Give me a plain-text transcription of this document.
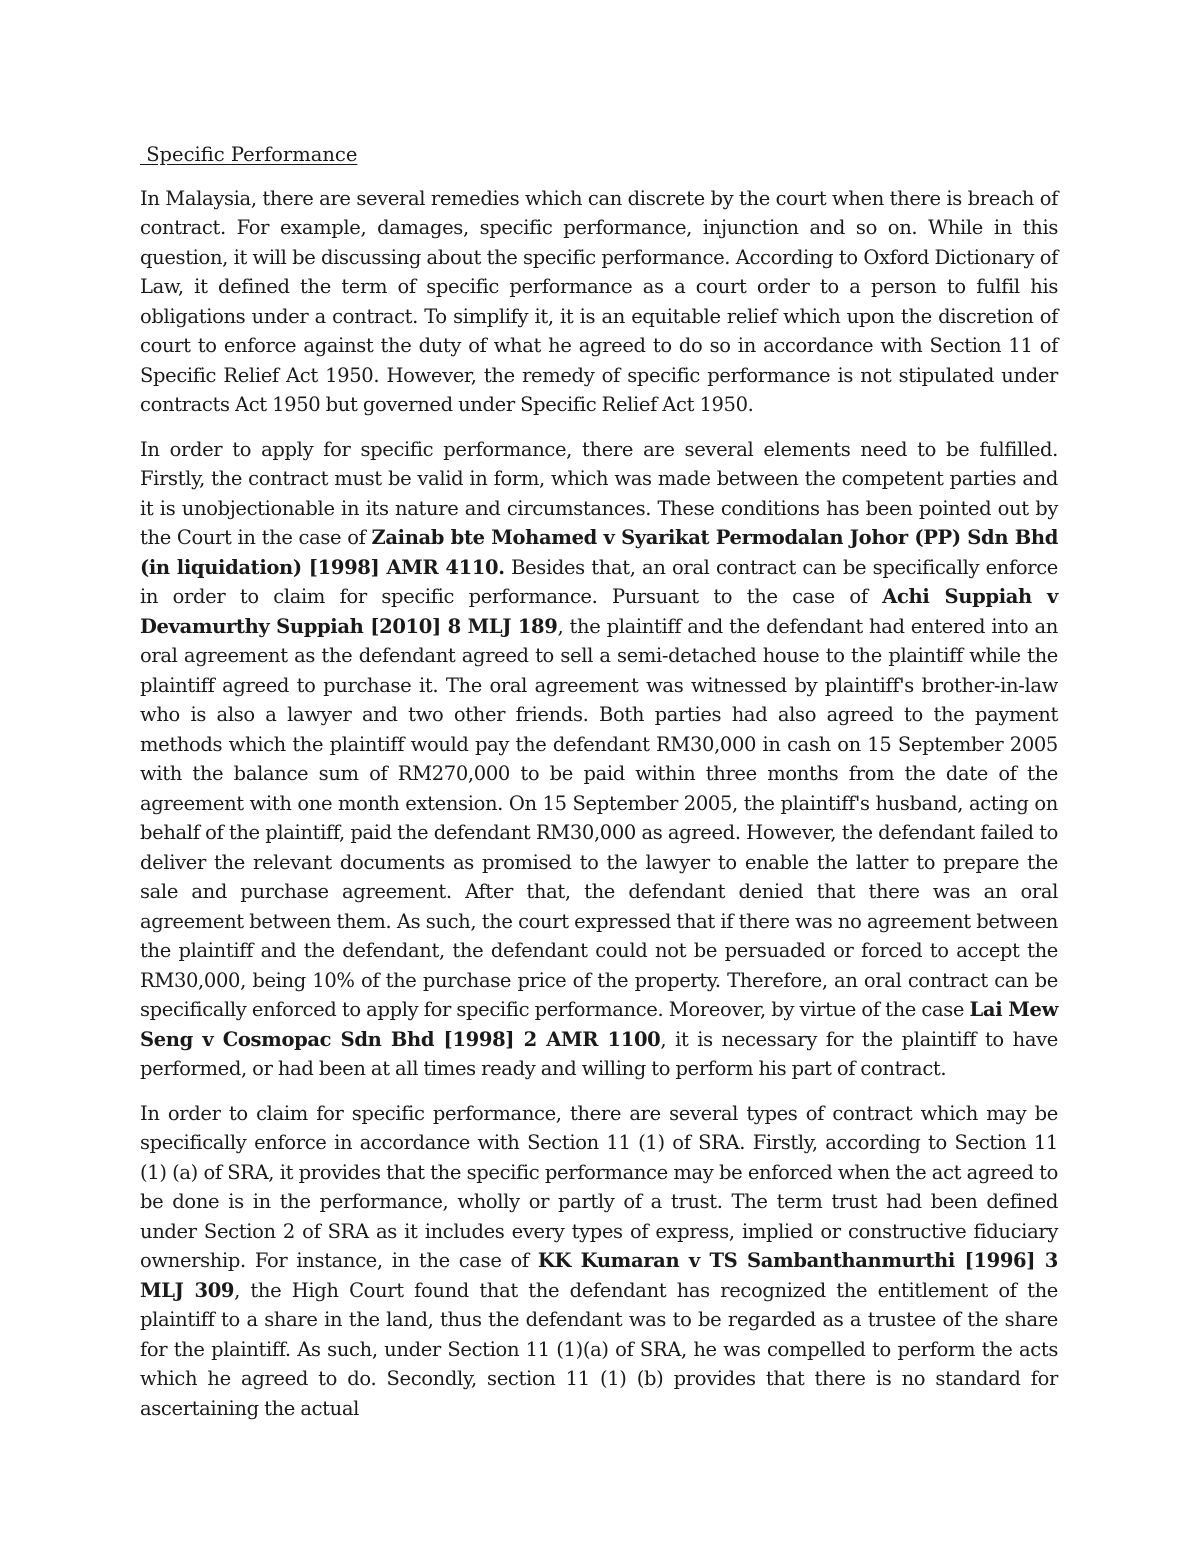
Specific Performance

In Malaysia, there are several remedies which can discrete by the court when there is breach of contract. For example, damages, specific performance, injunction and so on. While in this question, it will be discussing about the specific performance. According to Oxford Dictionary of Law, it defined the term of specific performance as a court order to a person to fulfil his obligations under a contract. To simplify it, it is an equitable relief which upon the discretion of court to enforce against the duty of what he agreed to do so in accordance with Section 11 of Specific Relief Act 1950. However, the remedy of specific performance is not stipulated under contracts Act 1950 but governed under Specific Relief Act 1950.

In order to apply for specific performance, there are several elements need to be fulfilled. Firstly, the contract must be valid in form, which was made between the competent parties and it is unobjectionable in its nature and circumstances. These conditions has been pointed out by the Court in the case of Zainab bte Mohamed v Syarikat Permodalan Johor (PP) Sdn Bhd (in liquidation) [1998] AMR 4110. Besides that, an oral contract can be specifically enforce in order to claim for specific performance. Pursuant to the case of Achi Suppiah v Devamurthy Suppiah [2010] 8 MLJ 189, the plaintiff and the defendant had entered into an oral agreement as the defendant agreed to sell a semi-detached house to the plaintiff while the plaintiff agreed to purchase it. The oral agreement was witnessed by plaintiff's brother-in-law who is also a lawyer and two other friends. Both parties had also agreed to the payment methods which the plaintiff would pay the defendant RM30,000 in cash on 15 September 2005 with the balance sum of RM270,000 to be paid within three months from the date of the agreement with one month extension. On 15 September 2005, the plaintiff's husband, acting on behalf of the plaintiff, paid the defendant RM30,000 as agreed. However, the defendant failed to deliver the relevant documents as promised to the lawyer to enable the latter to prepare the sale and purchase agreement. After that, the defendant denied that there was an oral agreement between them. As such, the court expressed that if there was no agreement between the plaintiff and the defendant, the defendant could not be persuaded or forced to accept the RM30,000, being 10% of the purchase price of the property. Therefore, an oral contract can be specifically enforced to apply for specific performance. Moreover, by virtue of the case Lai Mew Seng v Cosmopac Sdn Bhd [1998] 2 AMR 1100, it is necessary for the plaintiff to have performed, or had been at all times ready and willing to perform his part of contract.

In order to claim for specific performance, there are several types of contract which may be specifically enforce in accordance with Section 11 (1) of SRA. Firstly, according to Section 11 (1) (a) of SRA, it provides that the specific performance may be enforced when the act agreed to be done is in the performance, wholly or partly of a trust. The term trust had been defined under Section 2 of SRA as it includes every types of express, implied or constructive fiduciary ownership. For instance, in the case of KK Kumaran v TS Sambanthanmurthi [1996] 3 MLJ 309, the High Court found that the defendant has recognized the entitlement of the plaintiff to a share in the land, thus the defendant was to be regarded as a trustee of the share for the plaintiff. As such, under Section 11 (1)(a) of SRA, he was compelled to perform the acts which he agreed to do. Secondly, section 11 (1) (b) provides that there is no standard for ascertaining the actual
